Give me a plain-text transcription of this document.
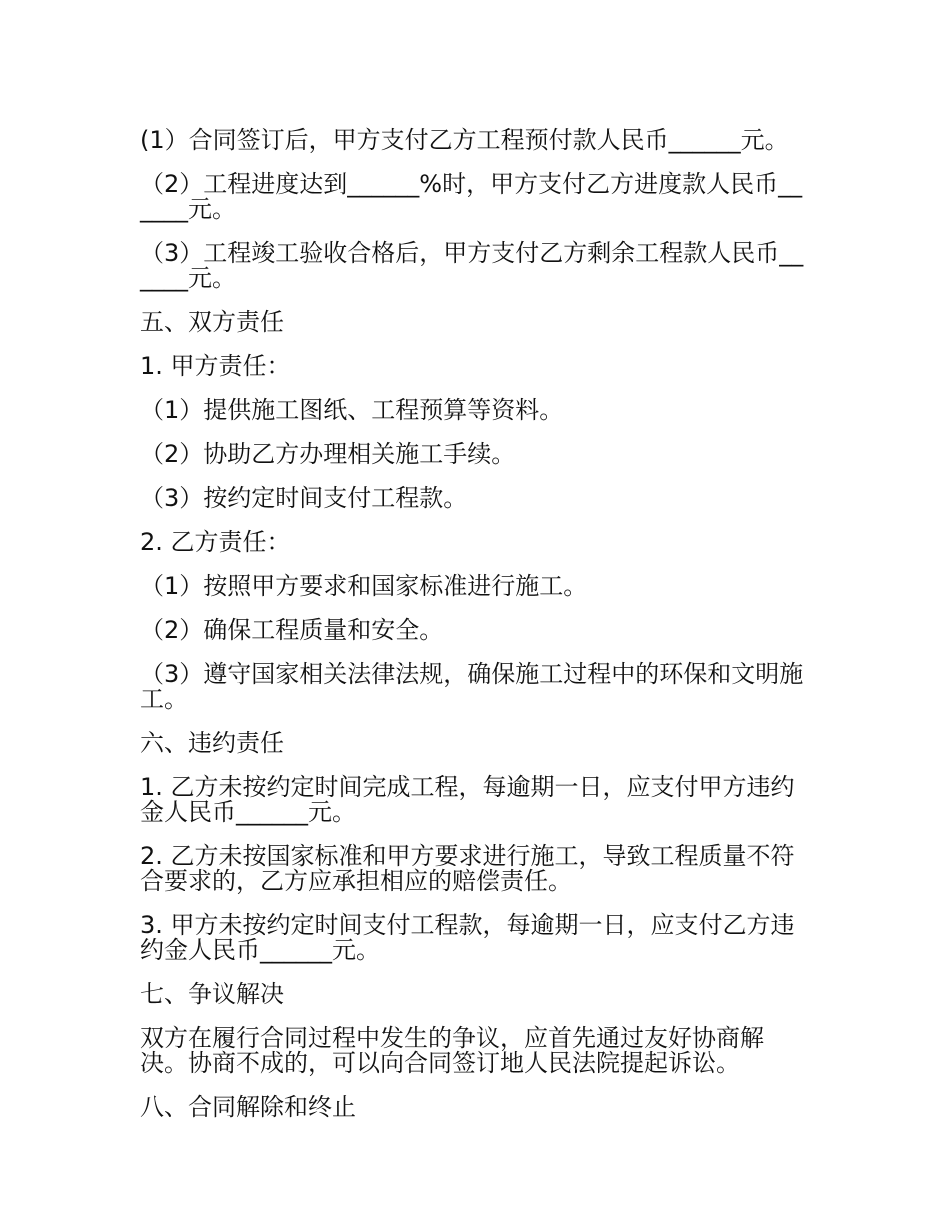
(1）合同签订后，甲方支付乙方工程预付款人民币______元。

（2）工程进度达到______%时，甲方支付乙方进度款人民币______元。

（3）工程竣工验收合格后，甲方支付乙方剩余工程款人民币______元。

五、双方责任

1. 甲方责任：

（1）提供施工图纸、工程预算等资料。

（2）协助乙方办理相关施工手续。

（3）按约定时间支付工程款。

2. 乙方责任：

（1）按照甲方要求和国家标准进行施工。

（2）确保工程质量和安全。

（3）遵守国家相关法律法规，确保施工过程中的环保和文明施工。

六、违约责任

1. 乙方未按约定时间完成工程，每逾期一日，应支付甲方违约金人民币______元。

2. 乙方未按国家标准和甲方要求进行施工，导致工程质量不符合要求的，乙方应承担相应的赔偿责任。

3. 甲方未按约定时间支付工程款，每逾期一日，应支付乙方违约金人民币______元。

七、争议解决

双方在履行合同过程中发生的争议，应首先通过友好协商解决。协商不成的，可以向合同签订地人民法院提起诉讼。

八、合同解除和终止
